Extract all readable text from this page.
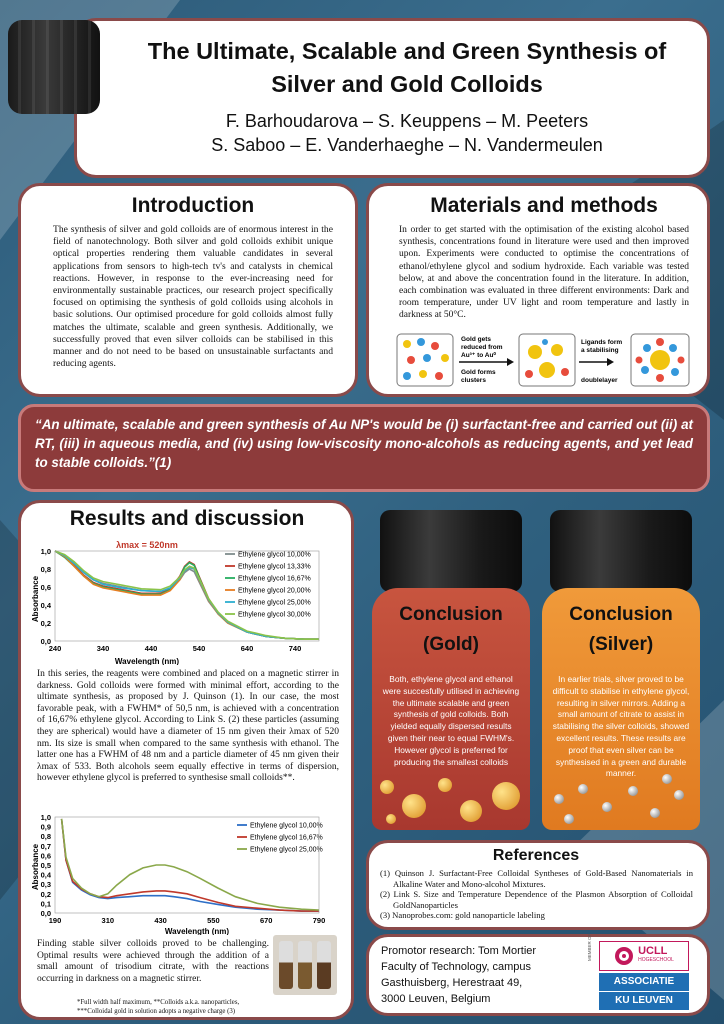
The Ultimate, Scalable and Green Synthesis of
Silver and Gold Colloids
F. Barhoudarova – S. Keuppens – M. Peeters
S. Saboo – E. Vanderhaeghe – N. Vandermeulen
Introduction

The synthesis of silver and gold colloids are of enormous interest in the field of nanotechnology. Both silver and gold colloids exhibit unique optical properties rendering them valuable candidates in several applications from sensors to high-tech tv's and catalysts in chemical reactions. However, in response to the ever-increasing need for environmentally sustainable practices, our research project specifically focused on optimising the synthesis of gold colloids using alcohols in basic solutions. Our optimised procedure for gold colloids almost fully matches the ultimate, scalable and green synthesis. Additionally, we successfully proved that even silver colloids can be stabilised in this manner and do not need to be based on unsustainable surfactants and reducing agents.

Materials and methods

In order to get started with the optimisation of the existing alcohol based synthesis, concentrations found in literature were used and then improved upon. Experiments were conducted to optimise the concentrations of ethanol/ethylene glycol and sodium hydroxide. Each variable was tested below, at and above the concentration found in the literature. In addition, each combination was evaluated in three different environments: Dark and room temperature, under UV light and room temperature and lastly in darkness at 50°C.

Gold gets
reduced from
Au³⁺ to Au⁰
Gold forms
clusters
Ligands form
a stabilising
doublelayer
“An ultimate, scalable and green synthesis of Au NP's would be (i) surfactant-free and carried out (ii) at RT, (iii) in aqueous media, and (iv) using low-viscosity mono-alcohols as reducing agents, and yet lead to stable colloids.”(1)
Results and discussion
Absorbance
Wavelength (nm)
λmax = 520nm
0,0
0,2
0,4
0,6
0,8
1,0
240	340	440	540	640	740
Ethylene glycol 10,00%
Ethylene glycol 13,33%
Ethylene glycol 16,67%
Ethylene glycol 20,00%
Ethylene glycol 25,00%
Ethylene glycol 30,00%

In this series, the reagents were combined and placed on a magnetic stirrer in darkness. Gold colloids were formed with minimal effort, according to the ultimate synthesis, as proposed by J. Quinson (1). In our case, the most favorable peak, with a FWHM* of 50,5 nm, is achieved with a concentration of 16,67% ethylene glycol. According to Link S. (2) these particles (assuming they are spherical) would have a diameter of 15 nm given their λmax of 520 nm. Its size is small when compared to the same synthesis with ethanol. The latter one has a FWHM of 48 nm and a particle diameter of 45 nm given their λmax of 533. Both alcohols seem equally effective in terms of dispersion, however ethylene glycol is preferred to synthesise small colloids**.

Absorbance
Wavelength (nm)
0,0
0,1
0,2
0,3
0,4
0,5
0,6
0,7
0,8
0,9
1,0
190	310	430	550	670	790
Ethylene glycol 10,00%
Ethylene glycol 16,67%
Ethylene glycol 25,00%

Finding stable silver colloids proved to be challenging. Optimal results were achieved through the addition of a small amount of trisodium citrate, with the reactions occurring in darkness on a magnetic stirrer.

*Full width half maximum, **Colloids a.k.a. nanoparticles,
***Colloidal gold in solution adopts a negative charge (3)
Conclusion
(Gold)
Both, ethylene glycol and ethanol were succesfully utilised in achieving the ultimate scalable and green synthesis of gold colloids. Both yielded equally dispersed results given their near to equal FWHM's. However glycol is preferred for producing the smallest colloids
Conclusion
(Silver)
In earlier trials, silver proved to be difficult to stabilise in ethylene glycol, resulting in silver mirrors. Adding a small amount of citrate to assist in stabilising the silver colloids, showed excellent results. These results are proof that even silver can be synthesised in a green and durable manner.
References
(1) Quinson J. Surfactant-Free Colloidal Syntheses of Gold-Based Nanomaterials in Alkaline Water and Mono-alcohol Mixtures.
(2) Link S. Size and Temperature Dependence of the Plasmon Absorption of Colloidal GoldNanoparticles
(3) Nanoprobes.com: gold nanoparticle labeling
Promotor research: Tom Mortier
Faculty of Technology, campus
Gasthuisberg, Herestraat 49,
3000 Leuven, Belgium
UCLL
HOGESCHOOL
ASSOCIATIE
KU LEUVEN
MEMBER OF
